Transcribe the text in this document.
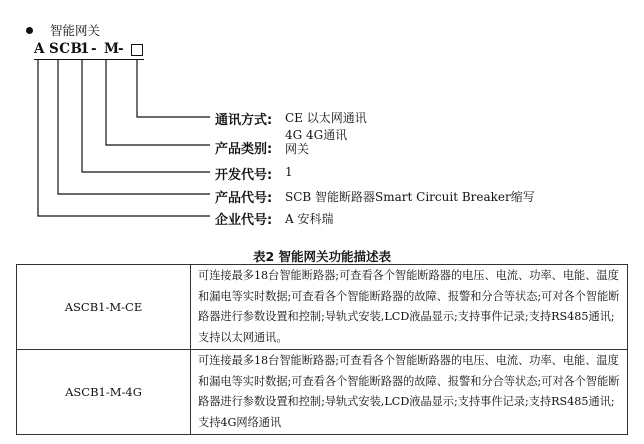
智能网关
A SCB
1 - M
-
通讯方式: CE 以太网通讯
4G 4G通讯
产品类别: 网关
开发代号: 1
产品代号: SCB 智能断路器Smart Circuit Breaker缩写
企业代号: A 安科瑞
表2 智能网关功能描述表
ASCB1-M-CE	可连接最多18台智能断路器;可查看各个智能断路器的电压、电流、功率、电能、温度和漏电等实时数据;可查看各个智能断路器的故障、报警和分合等状态;可对各个智能断路器进行参数设置和控制;导轨式安装,LCD液晶显示;支持事件记录;支持RS485通讯;支持以太网通讯。
ASCB1-M-4G	可连接最多18台智能断路器;可查看各个智能断路器的电压、电流、功率、电能、温度和漏电等实时数据;可查看各个智能断路器的故障、报警和分合等状态;可对各个智能断路器进行参数设置和控制;导轨式安装,LCD液晶显示;支持事件记录;支持RS485通讯;支持4G网络通讯
